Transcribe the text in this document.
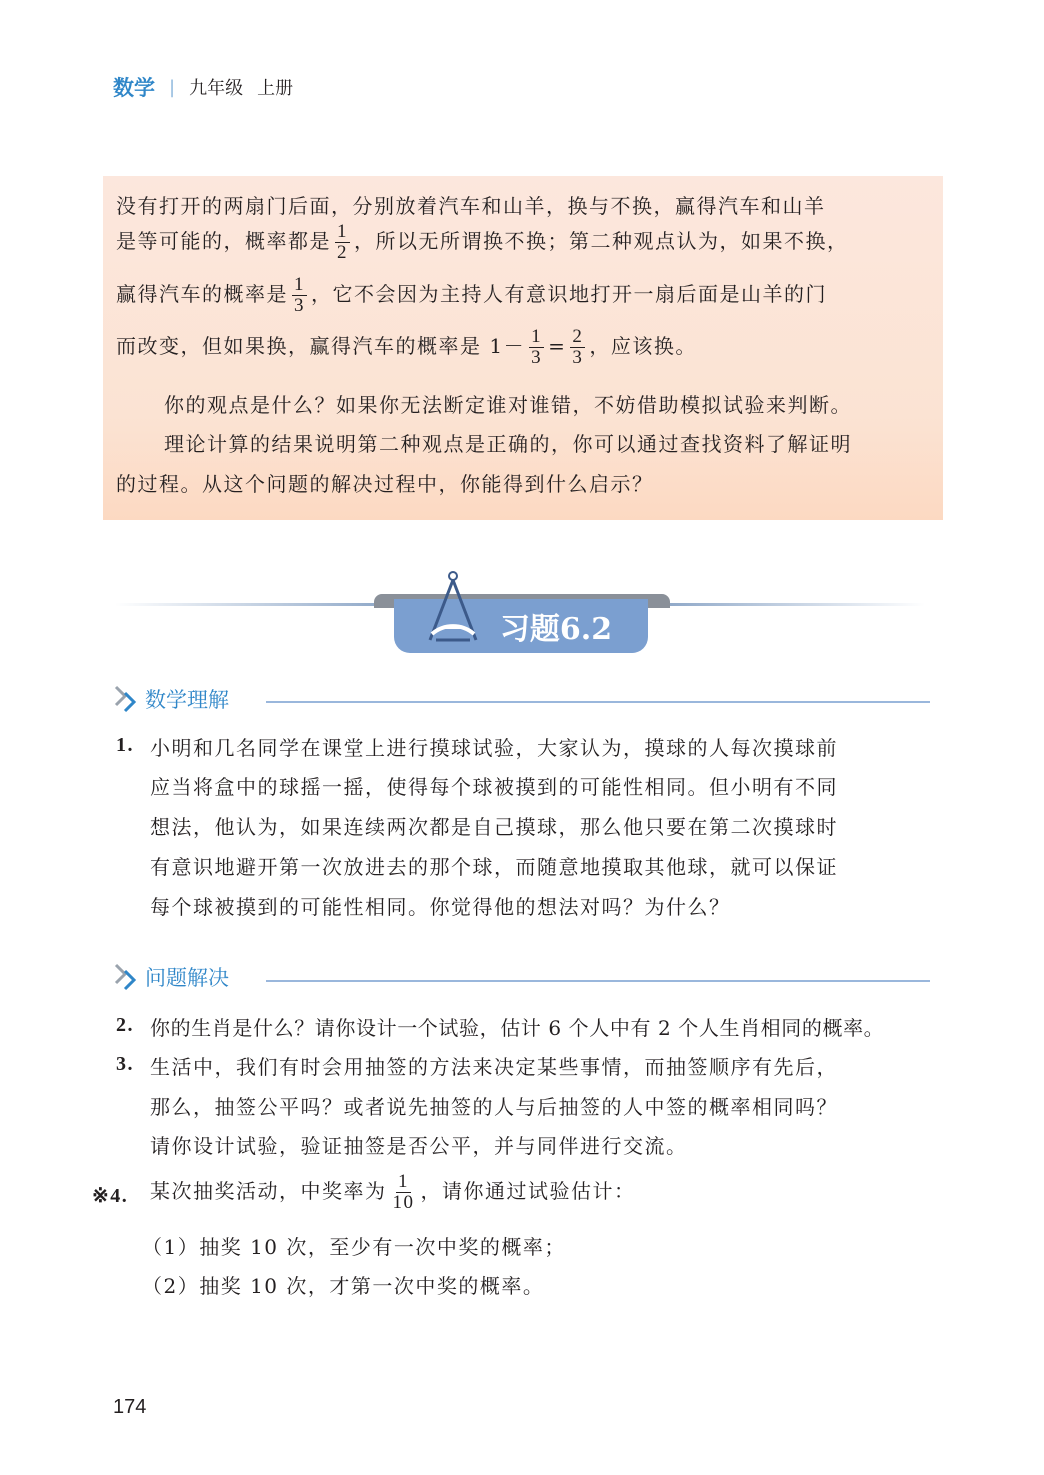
数学 | 九年级 上册
没有打开的两扇门后面，分别放着汽车和山羊，换与不换，赢得汽车和山羊
是等可能的，概率都是 $\frac{1}{2}$ ，所以无所谓换不换；第二种观点认为，如果不换，
赢得汽车的概率是 $\frac{1}{3}$ ，它不会因为主持人有意识地打开一扇后面是山羊的门
而改变，但如果换，赢得汽车的概率是 $1- \frac{1}{3} = \frac{2}{3}$ ，应该换。
你的观点是什么？如果你无法断定谁对谁错，不妨借助模拟试验来判断。
理论计算的结果说明第二种观点是正确的，你可以通过查找资料了解证明
的过程。从这个问题的解决过程中，你能得到什么启示？
习题6.2
数学理解
1. 小明和几名同学在课堂上进行摸球试验，大家认为，摸球的人每次摸球前
应当将盒中的球摇一摇，使得每个球被摸到的可能性相同。但小明有不同
想法，他认为，如果连续两次都是自己摸球，那么他只要在第二次摸球时
有意识地避开第一次放进去的那个球，而随意地摸取其他球，就可以保证
每个球被摸到的可能性相同。你觉得他的想法对吗？为什么？
问题解决
2. 你的生肖是什么？请你设计一个试验，估计 6 个人中有 2 个人生肖相同的概率。
3. 生活中，我们有时会用抽签的方法来决定某些事情，而抽签顺序有先后，
那么，抽签公平吗？或者说先抽签的人与后抽签的人中签的概率相同吗？
请你设计试验，验证抽签是否公平，并与同伴进行交流。
※4. 某次抽奖活动，中奖率为 $\frac{1}{10}$ ，请你通过试验估计：
（1）抽奖 10 次，至少有一次中奖的概率；
（2）抽奖 10 次，才第一次中奖的概率。
174
